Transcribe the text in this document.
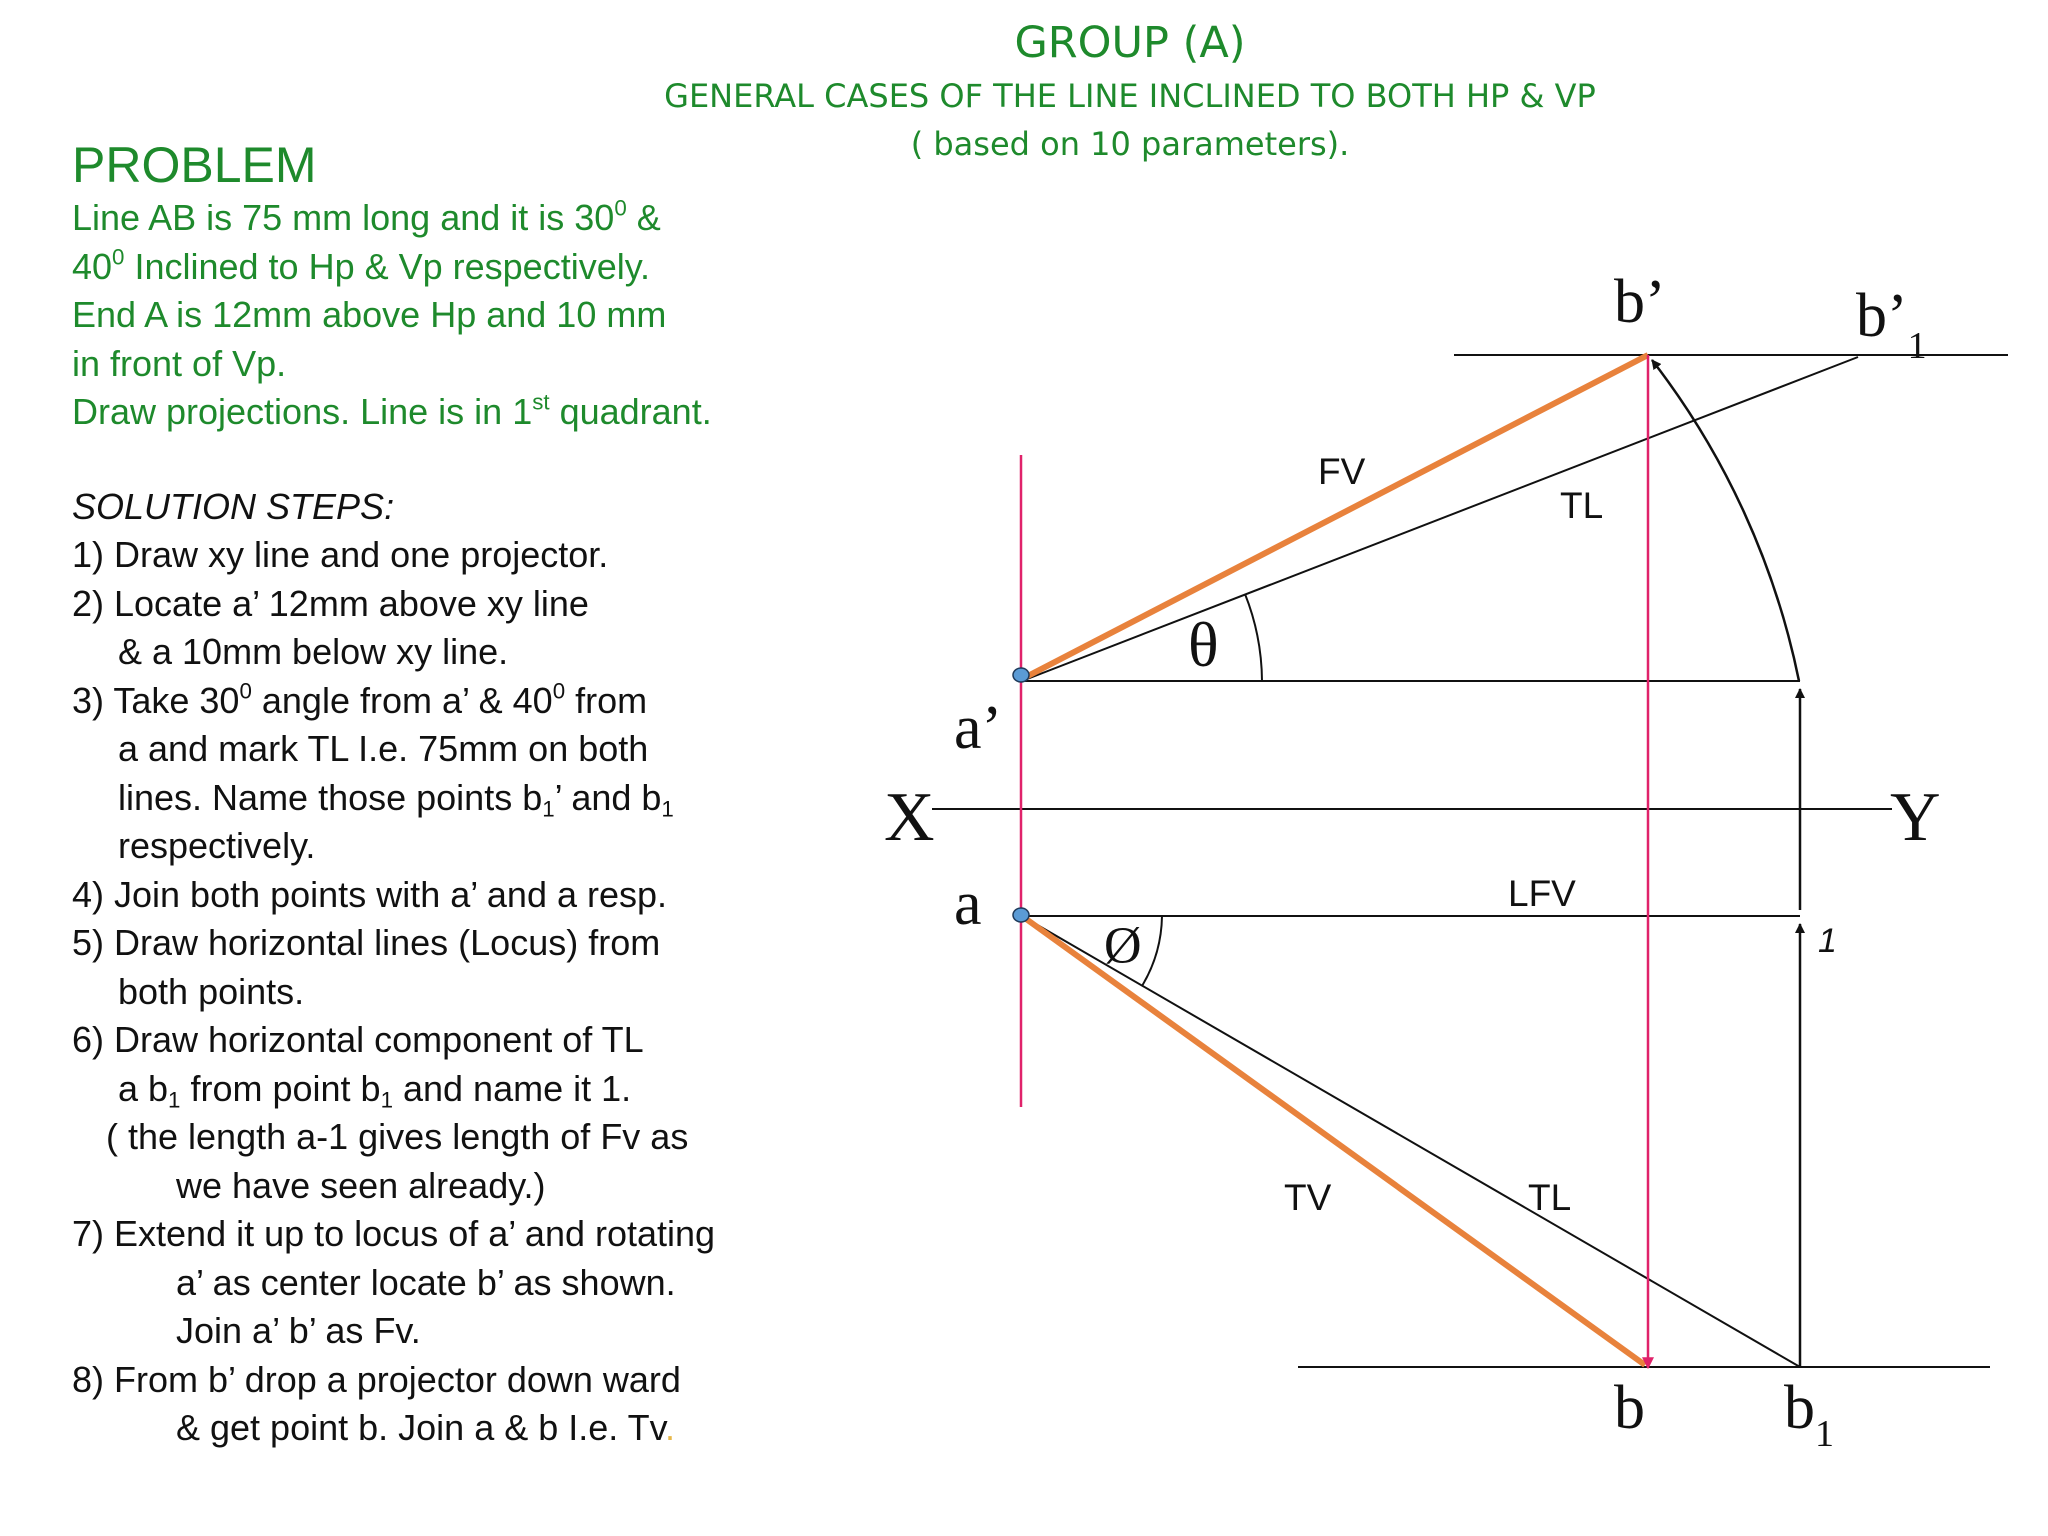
GROUP (A)
GENERAL CASES OF THE LINE INCLINED TO BOTH HP & VP
( based on 10 parameters).
PROBLEM
Line AB is 75 mm long and it is $30^0$ &
$40^0$ Inclined to Hp & Vp respectively.
End A is 12mm above Hp and 10 mm
in front of Vp.
Draw projections. Line is in 1st quadrant.
SOLUTION STEPS:
1) Draw xy line and one projector.
2) Locate a’ 12mm above xy line
& a 10mm below xy line.
3) Take $30^0$ angle from a’ & $40^0$ from
a and mark TL I.e. 75mm on both
lines. Name those points $b_1$’ and $b_1$
respectively.
4) Join both points with a’ and a resp.
5) Draw horizontal lines (Locus) from
both points.
6) Draw horizontal component of TL
a $b_1$ from point $b_1$ and name it 1.
( the length a-1 gives length of Fv as
we have seen already.)
7) Extend it up to locus of a’ and rotating
a’ as center locate b’ as shown.
Join a’ b’ as Fv.
8) From b’ drop a projector down ward
& get point b. Join a & b I.e. Tv.
b’	$b’_1$
FV
TL
θ
a’
X	Y
a	LFV
Ø	1
TV	TL
b $b_1$
